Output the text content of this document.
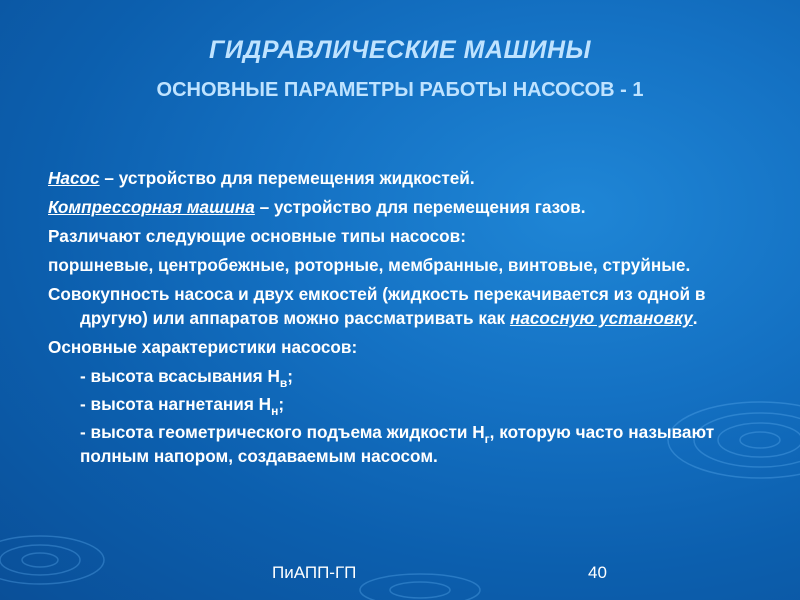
ГИДРАВЛИЧЕСКИЕ МАШИНЫ
ОСНОВНЫЕ ПАРАМЕТРЫ РАБОТЫ НАСОСОВ - 1

Насос – устройство для перемещения жидкостей.

Компрессорная машина – устройство для перемещения газов.

Различают следующие основные типы насосов:

поршневые, центробежные, роторные, мембранные, винтовые, струйные.

Совокупность насоса и двух емкостей (жидкость перекачивается из одной в другую) или аппаратов можно рассматривать как насосную установку.

Основные характеристики насосов:

- высота всасывания $H_в$;

- высота нагнетания $H_н$;

- высота геометрического подъема жидкости $H_г$, которую часто называют полным напором, создаваемым насосом.

ПиАПП-ГП	40
